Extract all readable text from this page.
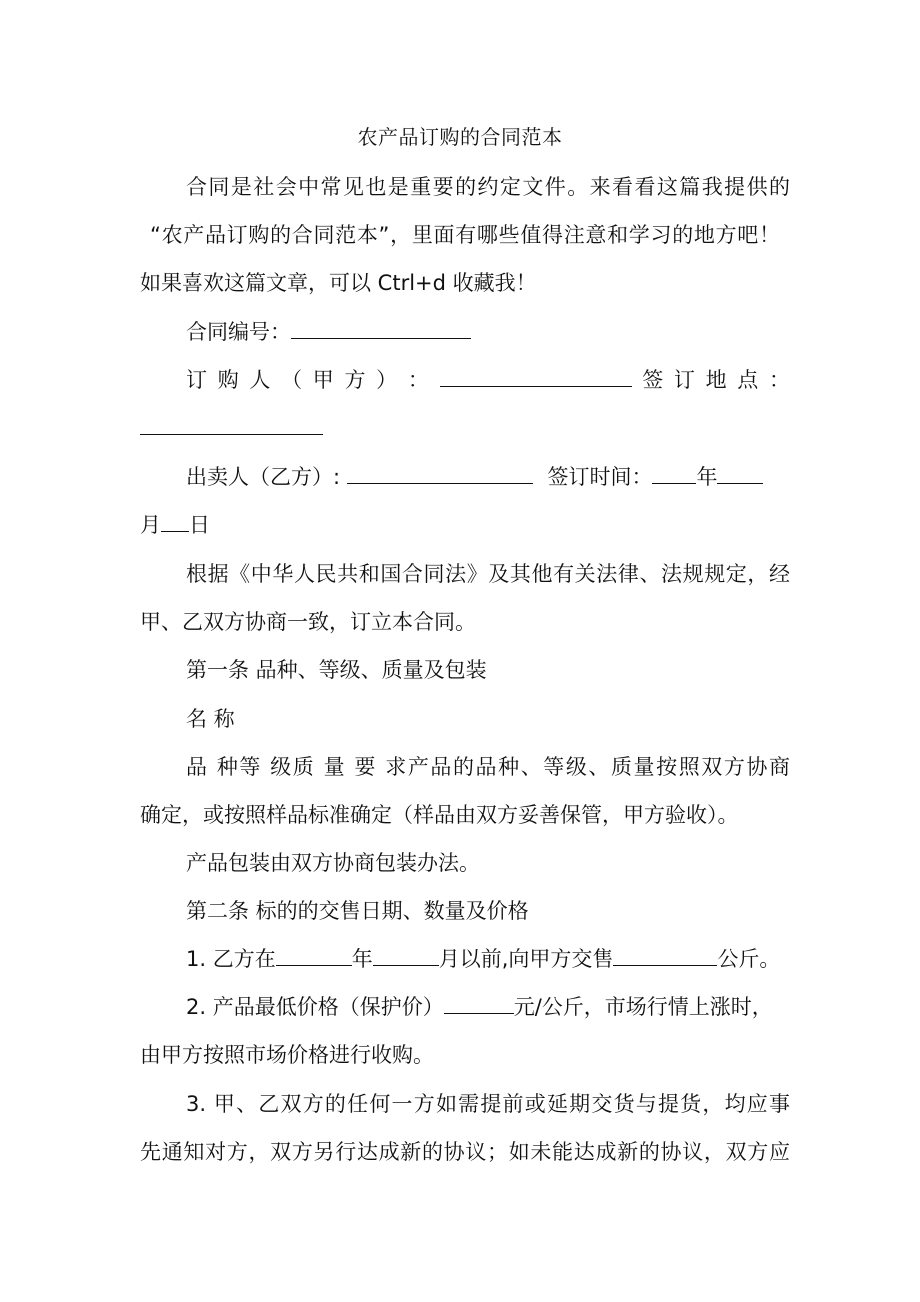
农产品订购的合同范本
合同是社会中常见也是重要的约定文件。来看看这篇我提供的
“农产品订购的合同范本”，里面有哪些值得注意和学习的地方吧！
如果喜欢这篇文章，可以 Ctrl+d 收藏我！
合同编号：
订 购 人 （ 甲 方 ） ：	签 订 地 点 ：
出卖人（乙方）:	签订时间： 年
月 日
根据《中华人民共和国合同法》及其他有关法律、法规规定，经
甲、乙双方协商一致，订立本合同。
第一条 品种、等级、质量及包装
名 称
品 种等 级质 量 要 求产品的品种、等级、质量按照双方协商
确定，或按照样品标准确定（样品由双方妥善保管，甲方验收）。
产品包装由双方协商包装办法。
第二条 标的的交售日期、数量及价格
1. 乙方在	年	月以前,向甲方交售	公斤。
2. 产品最低价格（保护价）	元/公斤，市场行情上涨时，
由甲方按照市场价格进行收购。
3. 甲、乙双方的任何一方如需提前或延期交货与提货，均应事
先通知对方，双方另行达成新的协议；如未能达成新的协议，双方应
